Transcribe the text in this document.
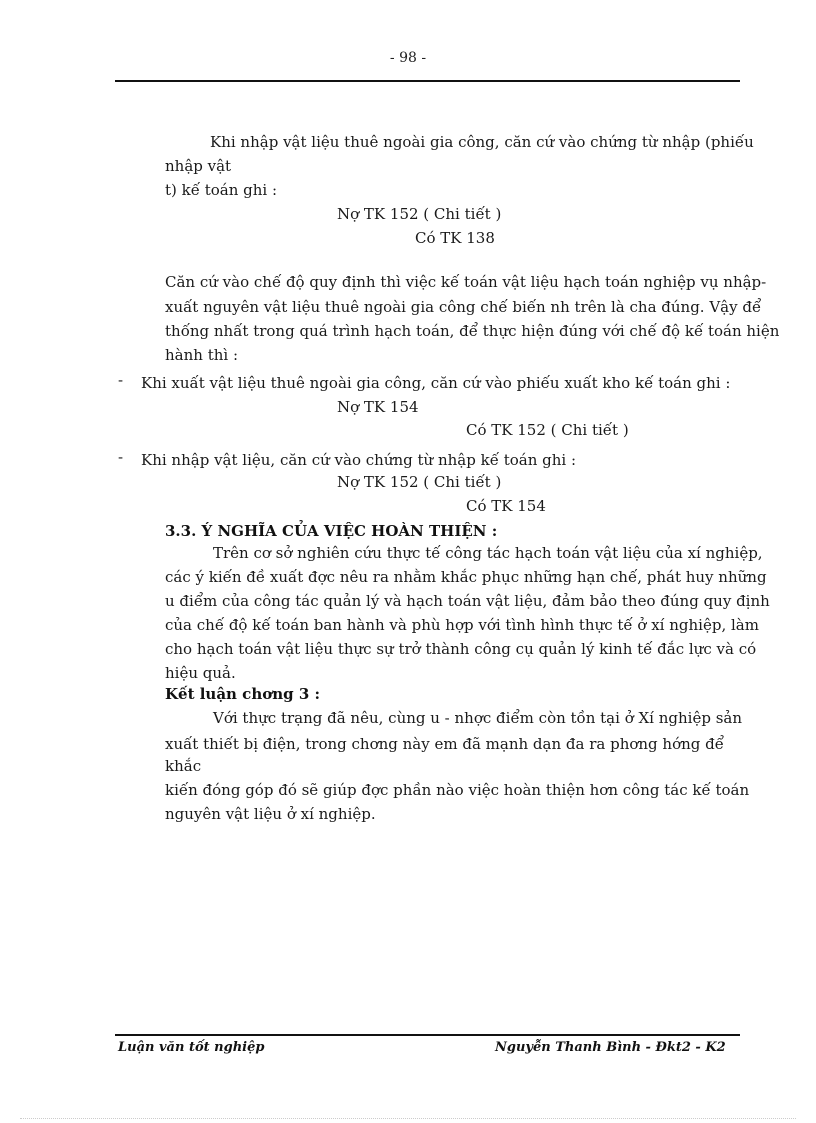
- 98 -
Khi nhập vật liệu thuê ngoài gia công, căn cứ vào chứng từ nhập (phiếu
nhập vật
t) kế toán ghi :
Nợ TK 152 ( Chi tiết )
Có TK 138
Căn cứ vào chế độ quy định thì việc kế toán vật liệu hạch toán nghiệp vụ nhập-
xuất nguyên vật liệu thuê ngoài gia công chế biến nh trên là cha đúng. Vậy để
thống nhất trong quá trình hạch toán, để thực hiện đúng với chế độ kế toán hiện
hành thì :
- Khi xuất vật liệu thuê ngoài gia công, căn cứ vào phiếu xuất kho kế toán ghi :
Nợ TK 154
Có TK 152 ( Chi tiết )
- Khi nhập vật liệu, căn cứ vào chứng từ nhập kế toán ghi :
Nợ TK 152 ( Chi tiết )
Có TK 154
3.3. Ý NGHĨA CỦA VIỆC HOÀN THIỆN :
Trên cơ sở nghiên cứu thực tế công tác hạch toán vật liệu của xí nghiệp,
các ý kiến đề xuất đợc nêu ra nhằm khắc phục những hạn chế, phát huy những
u điểm của công tác quản lý và hạch toán vật liệu, đảm bảo theo đúng quy định
của chế độ kế toán ban hành và phù hợp với tình hình thực tế ở xí nghiệp, làm
cho hạch toán vật liệu thực sự trở thành công cụ quản lý kinh tế đắc lực và có
hiệu quả.
Kết luận chơng 3 :
Với thực trạng đã nêu, cùng u - nhợc điểm còn tồn tại ở Xí nghiệp sản
xuất thiết bị điện, trong chơng này em đã mạnh dạn đa ra phơng hớng để
khắc
kiến đóng góp đó sẽ giúp đợc phần nào việc hoàn thiện hơn công tác kế toán
nguyên vật liệu ở xí nghiệp.
Luận văn tốt nghiệp	Nguyễn Thanh Bình - Ðkt2 - K2
